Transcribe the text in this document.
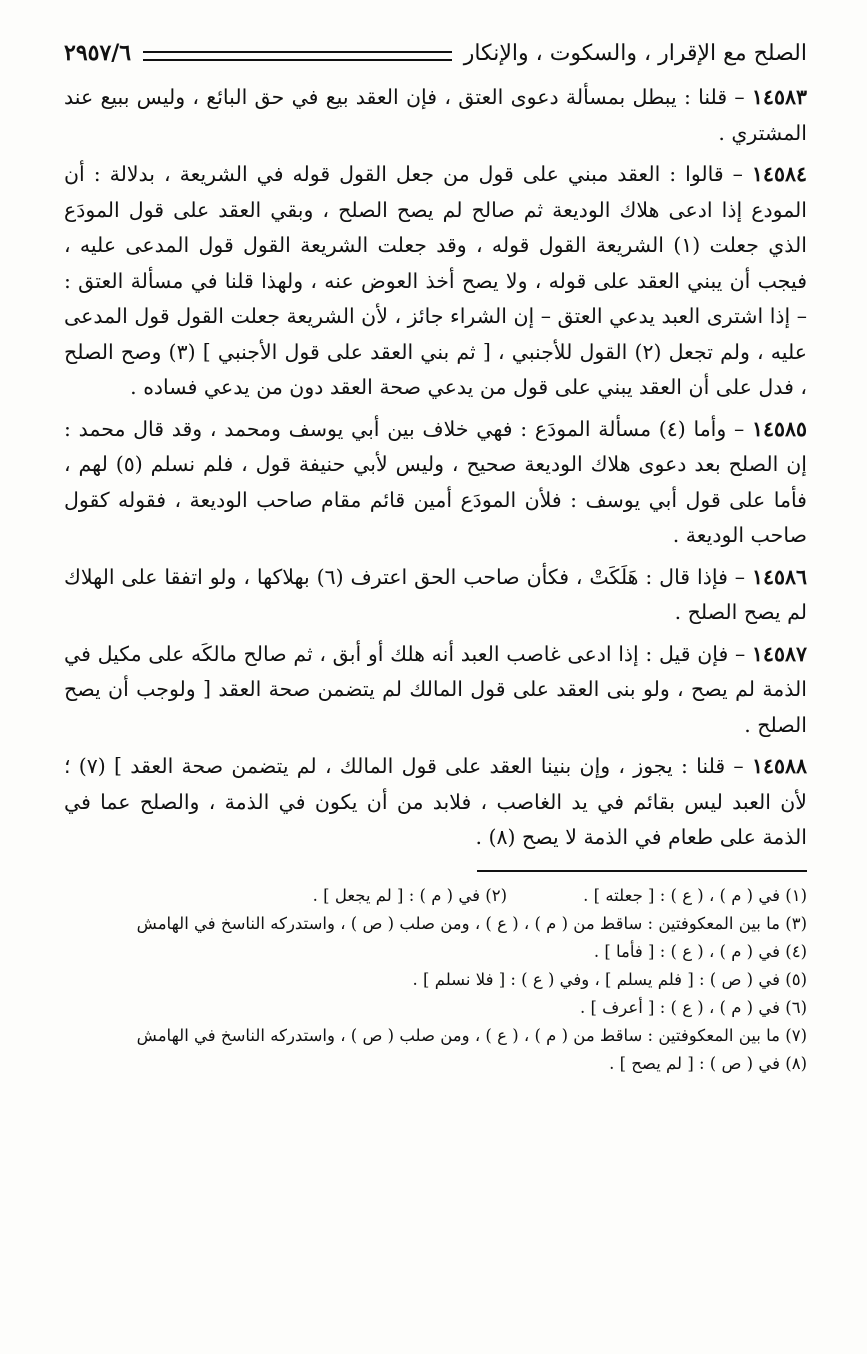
الصلح مع الإقرار ، والسكوت ، والإنكار
٢٩٥٧/٦

١٤٥٨٣ – قلنا : يبطل بمسألة دعوى العتق ، فإن العقد بيع في حق البائع ، وليس ببيع عند المشتري .

١٤٥٨٤ – قالوا : العقد مبني على قول من جعل القول قوله في الشريعة ، بدلالة : أن المودع إذا ادعى هلاك الوديعة ثم صالح لم يصح الصلح ، وبقي العقد على قول المودَع الذي جعلت (١) الشريعة القول قوله ، وقد جعلت الشريعة القول قول المدعى عليه ، فيجب أن يبني العقد على قوله ، ولا يصح أخذ العوض عنه ، ولهذا قلنا في مسألة العتق : – إذا اشترى العبد يدعي العتق – إن الشراء جائز ، لأن الشريعة جعلت القول قول المدعى عليه ، ولم تجعل (٢) القول للأجنبي ، [ ثم بني العقد على قول الأجنبي ] (٣) وصح الصلح ، فدل على أن العقد يبني على قول من يدعي صحة العقد دون من يدعي فساده .

١٤٥٨٥ – وأما (٤) مسألة المودَع : فهي خلاف بين أبي يوسف ومحمد ، وقد قال محمد : إن الصلح بعد دعوى هلاك الوديعة صحيح ، وليس لأبي حنيفة قول ، فلم نسلم (٥) لهم ، فأما على قول أبي يوسف : فلأن المودَع أمين قائم مقام صاحب الوديعة ، فقوله كقول صاحب الوديعة .

١٤٥٨٦ – فإذا قال : هَلَكَتْ ، فكأن صاحب الحق اعترف (٦) بهلاكها ، ولو اتفقا على الهلاك لم يصح الصلح .

١٤٥٨٧ – فإن قيل : إذا ادعى غاصب العبد أنه هلك أو أبق ، ثم صالح مالكَه على مكيل في الذمة لم يصح ، ولو بنى العقد على قول المالك لم يتضمن صحة العقد [ ولوجب أن يصح الصلح .

١٤٥٨٨ – قلنا : يجوز ، وإن بنينا العقد على قول المالك ، لم يتضمن صحة العقد ] (٧) ؛ لأن العبد ليس بقائم في يد الغاصب ، فلابد من أن يكون في الذمة ، والصلح عما في الذمة على طعام في الذمة لا يصح (٨) .

(١) في ( م ) ، ( ع ) : [ جعلته ] .
(٢) في ( م ) : [ لم يجعل ] .
(٣) ما بين المعكوفتين : ساقط من ( م ) ، ( ع ) ، ومن صلب ( ص ) ، واستدركه الناسخ في الهامش
(٤) في ( م ) ، ( ع ) : [ فأما ] .
(٥) في ( ص ) : [ فلم يسلم ] ، وفي ( ع ) : [ فلا نسلم ] .
(٦) في ( م ) ، ( ع ) : [ أعرف ] .
(٧) ما بين المعكوفتين : ساقط من ( م ) ، ( ع ) ، ومن صلب ( ص ) ، واستدركه الناسخ في الهامش
(٨) في ( ص ) : [ لم يصح ] .
